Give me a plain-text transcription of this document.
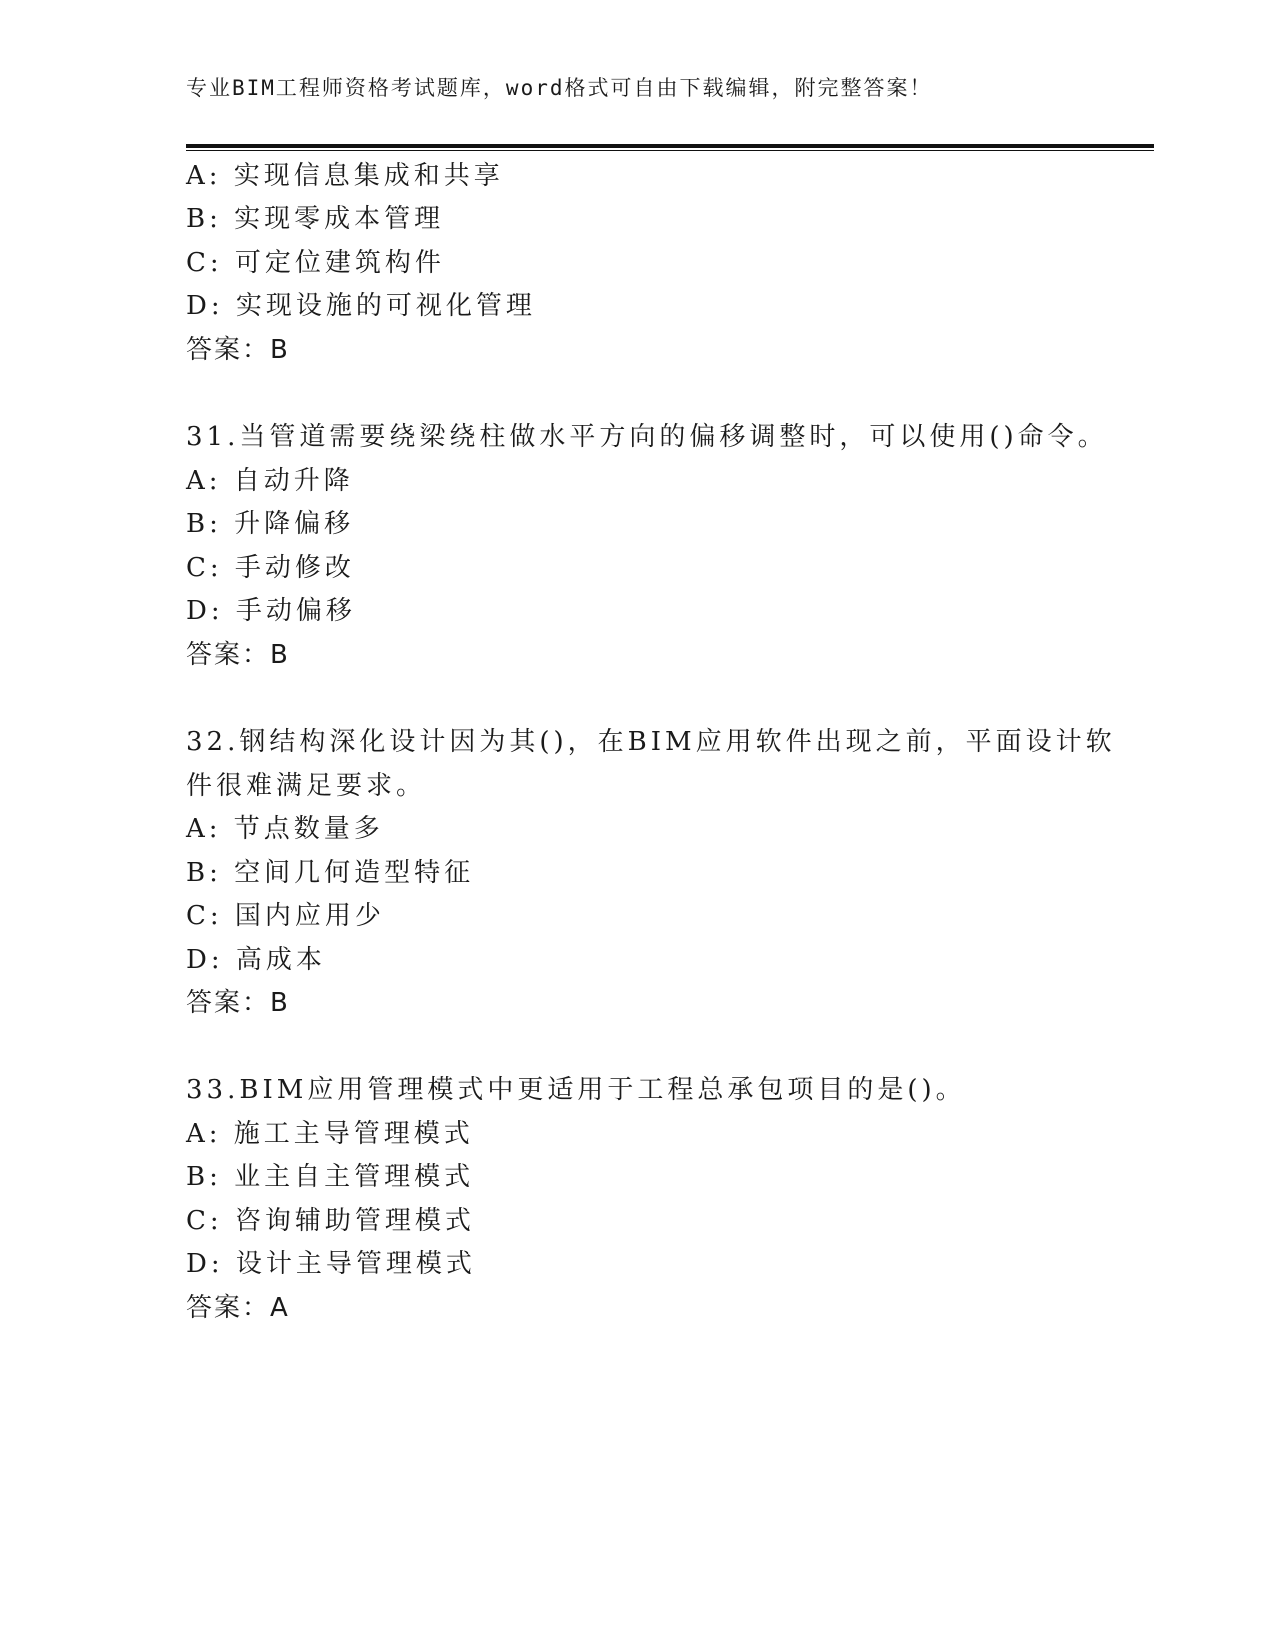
专业BIM工程师资格考试题库，word格式可自由下载编辑，附完整答案！
A: 实现信息集成和共享
B: 实现零成本管理
C: 可定位建筑构件
D: 实现设施的可视化管理
答案：B
31.当管道需要绕梁绕柱做水平方向的偏移调整时，可以使用()命令。
A: 自动升降
B: 升降偏移
C: 手动修改
D: 手动偏移
答案：B
32.钢结构深化设计因为其()，在BIM应用软件出现之前，平面设计软
件很难满足要求。
A: 节点数量多
B: 空间几何造型特征
C: 国内应用少
D: 高成本
答案：B
33.BIM应用管理模式中更适用于工程总承包项目的是()。
A: 施工主导管理模式
B: 业主自主管理模式
C: 咨询辅助管理模式
D: 设计主导管理模式
答案：A
